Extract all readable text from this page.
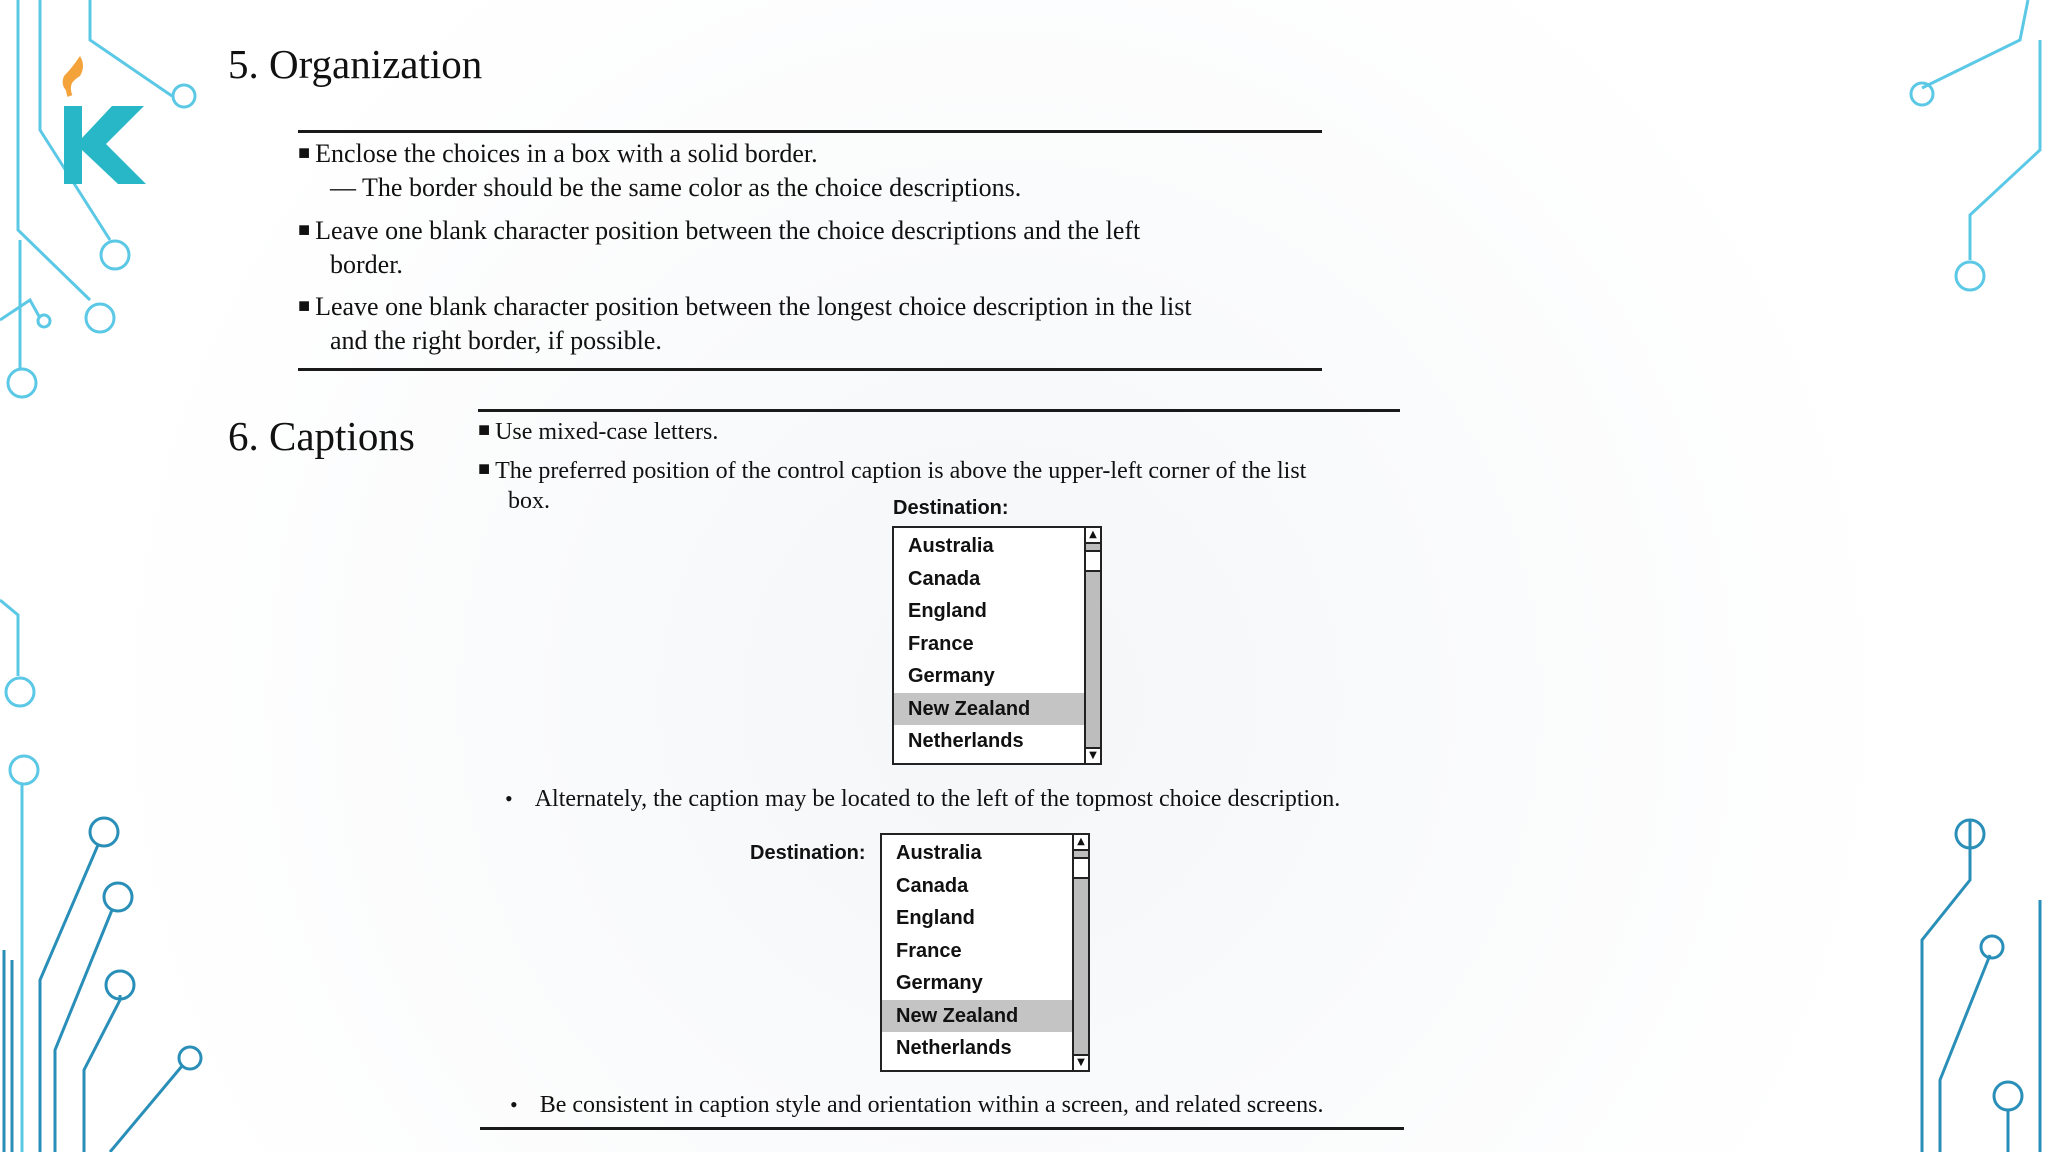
5. Organization
■ Enclose the choices in a box with a solid border.
— The border should be the same color as the choice descriptions.
■ Leave one blank character position between the choice descriptions and the left
border.
■ Leave one blank character position between the longest choice description in the list
and the right border, if possible.
6. Captions	■ Use mixed-case letters.
■ The preferred position of the control caption is above the upper-left corner of the list
box.	Destination:
Australia
Canada
England
France
Germany
New Zealand
Netherlands
▲
▼
• Alternately, the caption may be located to the left of the topmost choice description.
Destination:	Australia
Canada
England
France
Germany
New Zealand
Netherlands
▲
▼
• Be consistent in caption style and orientation within a screen, and related screens.
